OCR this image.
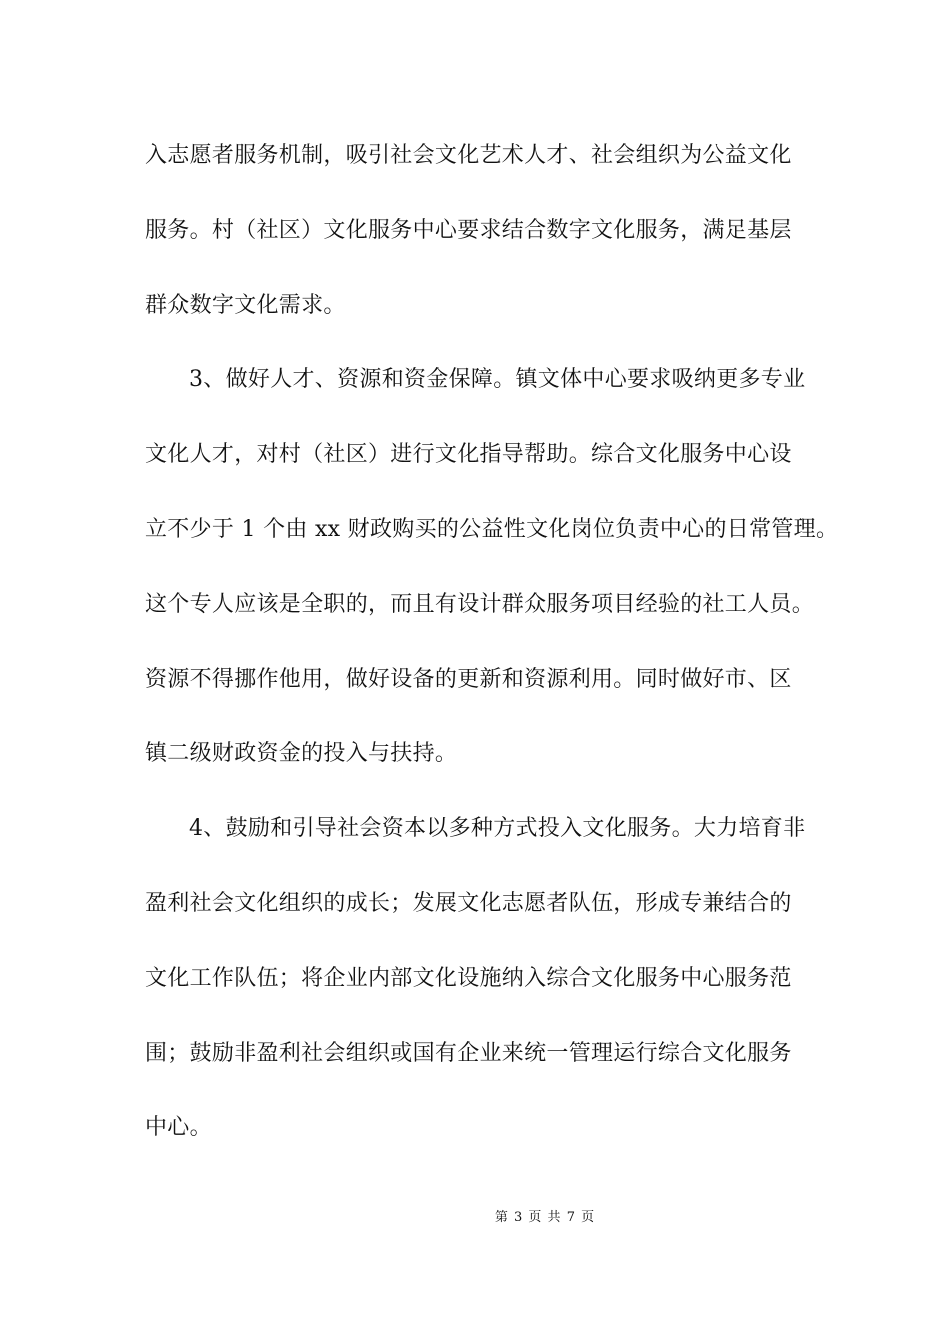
入志愿者服务机制，吸引社会文化艺术人才、社会组织为公益文化
服务。村（社区）文化服务中心要求结合数字文化服务，满足基层
群众数字文化需求。
3、做好人才、资源和资金保障。镇文体中心要求吸纳更多专业
文化人才，对村（社区）进行文化指导帮助。综合文化服务中心设
立不少于 1 个由 xx 财政购买的公益性文化岗位负责中心的日常管理。
这个专人应该是全职的，而且有设计群众服务项目经验的社工人员。
资源不得挪作他用，做好设备的更新和资源利用。同时做好市、区
镇二级财政资金的投入与扶持。
4、鼓励和引导社会资本以多种方式投入文化服务。大力培育非
盈利社会文化组织的成长；发展文化志愿者队伍，形成专兼结合的
文化工作队伍；将企业内部文化设施纳入综合文化服务中心服务范
围；鼓励非盈利社会组织或国有企业来统一管理运行综合文化服务
中心。
第 3 页 共 7 页
